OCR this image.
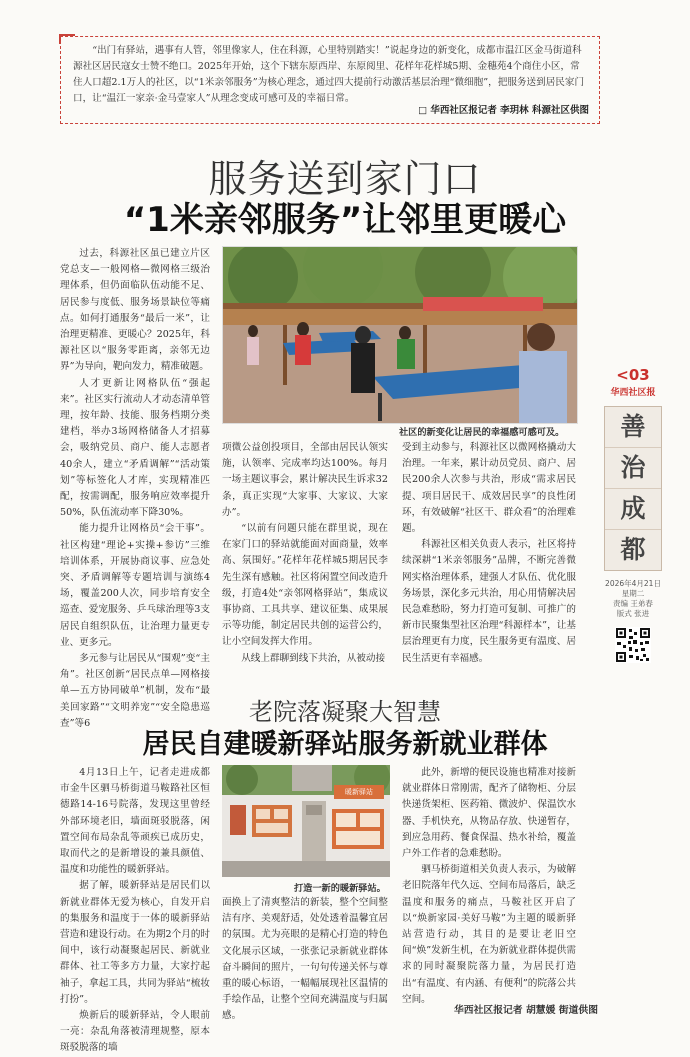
“出门有驿站，遇事有人管，邻里像家人，住在科源，心里特别踏实！”说起身边的新变化，成都市温江区金马街道科源社区居民寇女士赞不绝口。2025年开始，这个下辖东原西岸、东原阅里、花样年花样城5期、金穗苑4个商住小区，常住人口超2.1万人的社区，以“1米亲邻服务”为核心理念，通过四大提前行动激活基层治理“微细胞”，把服务送到居民家门口，让“温江一家亲·金马壹家人”从理念变成可感可及的幸福日常。
□ 华西社区报记者 李玥林 科源社区供图
服务送到家门口
“1米亲邻服务”让邻里更暖心

过去，科源社区虽已建立片区党总支—一般网格—微网格三级治理体系，但仍面临队伍动能不足、居民参与度低、服务场景缺位等痛点。如何打通服务“最后一米”，让治理更精准、更暖心？2025年，科源社区以“服务零距离，亲邻无边界”为导向，靶向发力，精准破题。

人才更新让网格队伍“强起来”。社区实行流动人才动态清单管理，按年龄、技能、服务档期分类建档，举办3场网格储备人才招募会，吸纳党员、商户、能人志愿者40余人，建立“矛盾调解”“活动策划”等标签化人才库，实现精准匹配，按需调配，服务响应效率提升50%，队伍流动率下降30%。

能力提升让网格员“会干事”。社区构建“理论+实操+参访”三维培训体系，开展协商议事、应急处突、矛盾调解等专题培训与演练4场，覆盖200人次，同步培育安全巡查、爱宠服务、乒乓球治理等3支居民自组织队伍，让治理力量更专业、更多元。

多元参与让居民从“围观”变“主角”。社区创新“居民点单—网格接单—五方协同破单”机制，发布“最美回家路”“文明养宠”“安全隐患巡查”等6

社区的新变化让居民的幸福感可感可及。

项微公益创投项目，全部由居民认领实施，认领率、完成率均达100%。每月一场主题议事会，累计解决民生诉求32条，真正实现“大家事、大家议、大家办”。

“以前有问题只能在群里说，现在在家门口的驿站就能面对面商量，效率高、氛围好。”花样年花样城5期居民李先生深有感触。社区将闲置空间改造升级，打造4处“亲邻网格驿站”，集成议事协商、工具共享、建议征集、成果展示等功能，制定居民共创的运营公约，让小空间发挥大作用。

从线上群聊到线下共治，从被动接

受到主动参与，科源社区以微网格撬动大治理。一年来，累计动员党员、商户、居民200余人次参与共治，形成“需求居民提、项目居民干、成效居民享”的良性闭环，有效破解“社区干、群众看”的治理难题。

科源社区相关负责人表示，社区将持续深耕“1米亲邻服务”品牌，不断完善微网实格治理体系，建强人才队伍、优化服务场景，深化多元共治，用心用情解决居民急难愁盼，努力打造可复制、可推广的新市民聚集型社区治理“科源样本”，让基层治理更有力度，民生服务更有温度、居民生活更有幸福感。

<03
华西社区报
善
治
成
都
2026年4月21日
星期二
责编 王弟春
版式 张进
老院落凝聚大智慧
居民自建暖新驿站服务新就业群体

4月13日上午，记者走进成都市金牛区驷马桥街道马鞍路社区恒德路14-16号院落，发现这里曾经外部环境老旧，墙面斑驳脱落，闲置空间布局杂乱等顽疾已成历史，取而代之的是新增设的兼具颜值、温度和功能性的暖新驿站。

据了解，暖新驿站是居民们以新就业群体无爱为核心，自发开启的集服务和温度于一体的暖新驿站营造和建设行动。在为期2个月的时间中，该行动凝聚起居民、新就业群体、社工等多方力量，大家拧起袖子，拿起工具，共同为驿站“梳妆打扮”。

焕新后的暖新驿站，令人眼前一亮：杂乱角落被清理规整，原本斑驳脱落的墙

暖新驿站
打造一新的暖新驿站。

面换上了清爽整洁的新装，整个空间整洁有序、美观舒适，处处透着温馨宜居的氛围。尤为亮眼的是精心打造的特色文化展示区域，一张张记录新就业群体奋斗瞬间的照片，一句句传递关怀与尊重的暖心标语，一幅幅展现社区温情的手绘作品，让整个空间充满温度与归属感。

此外，新增的便民设施也精准对接新就业群体日常刚需，配齐了储物柜、分层快递货架柜、医药箱、微波炉、保温饮水器、手机快充，从物品存放、快递暂存，到应急用药、餐食保温、热水补给，覆盖户外工作者的急难愁盼。

驷马桥街道相关负责人表示，为破解老旧院落年代久远、空间布局落后，缺乏温度和服务的痛点，马鞍社区开启了以“焕新家园·美好马鞍”为主题的暖新驿站营造行动，其目的是要让老旧空间“焕”发新生机，在为新就业群体提供需求的同时凝聚院落力量，为居民打造出“有温度、有内涵、有便利”的院落公共空间。

华西社区报记者 胡慧媛 街道供图
